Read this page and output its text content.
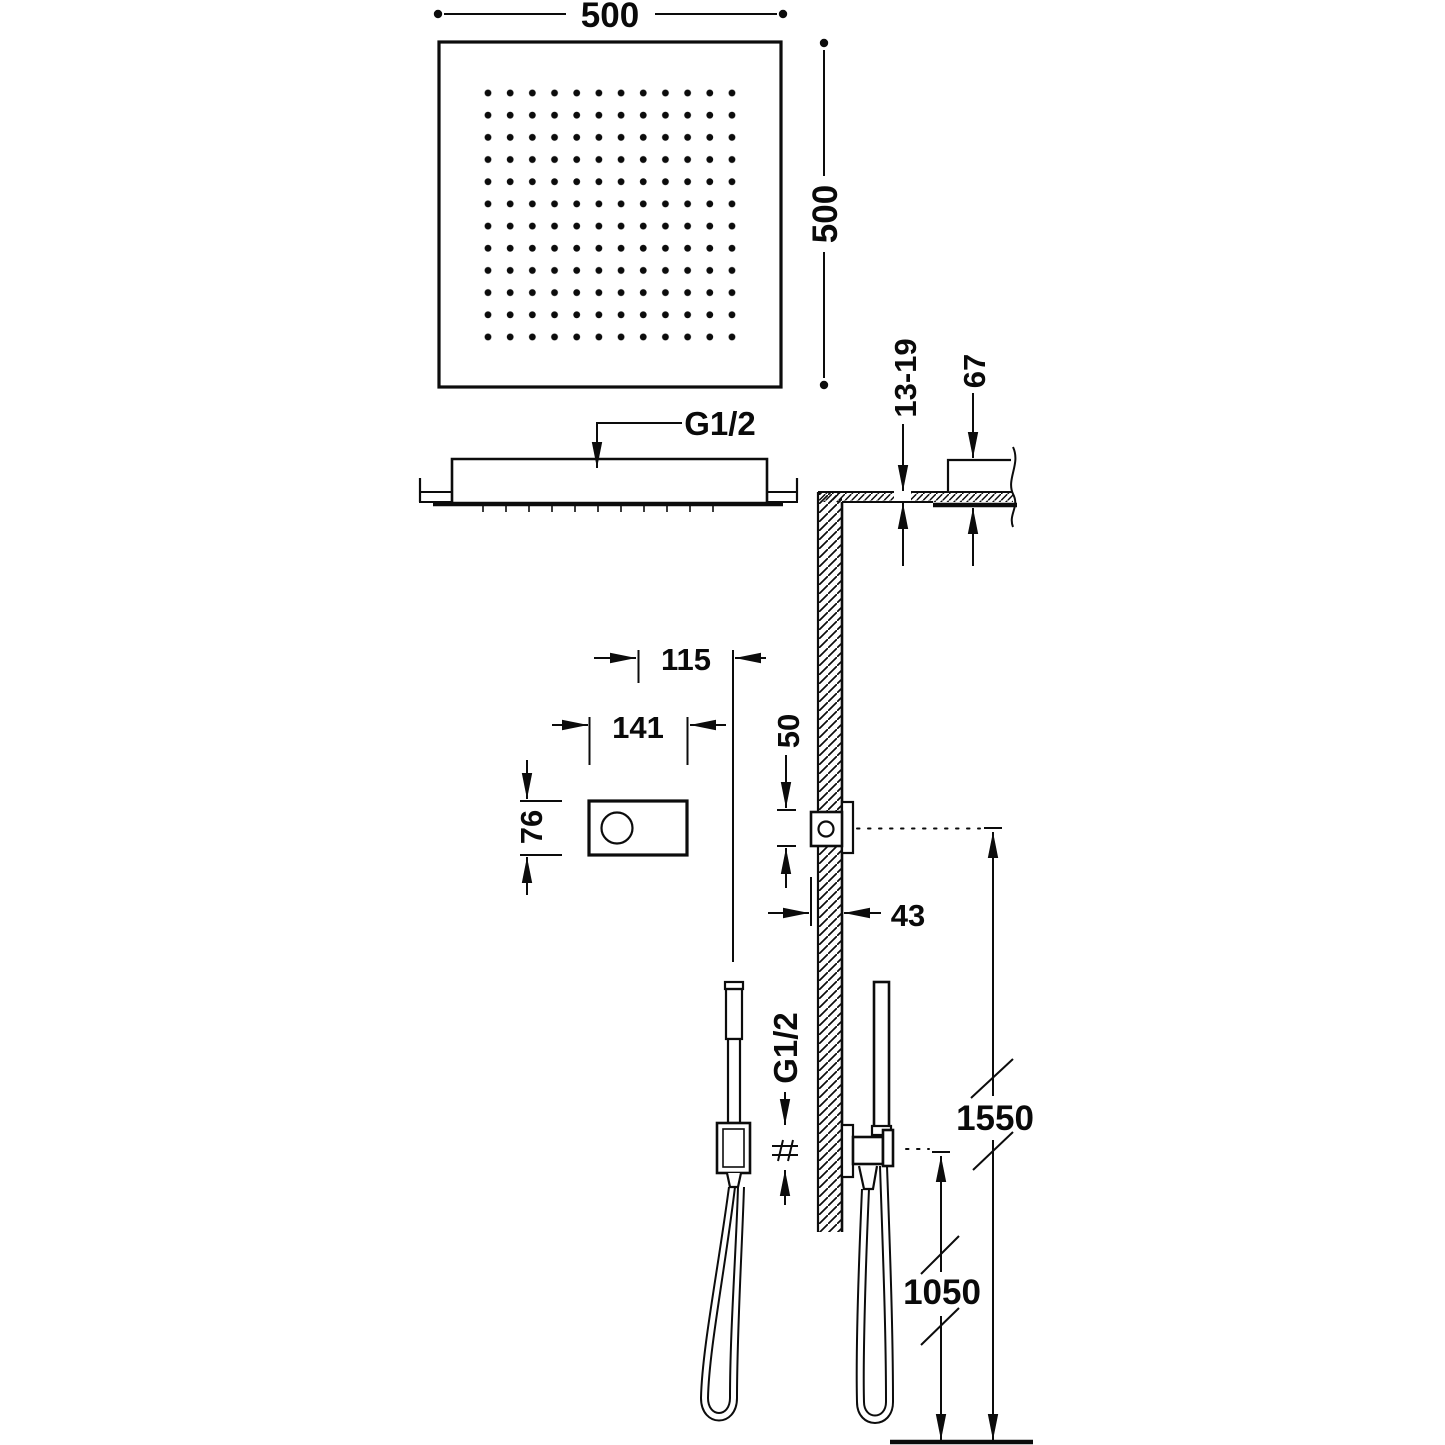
500
500
G1/2
13-19 67
115
141
76
50
43
G1/2
1550
1050
